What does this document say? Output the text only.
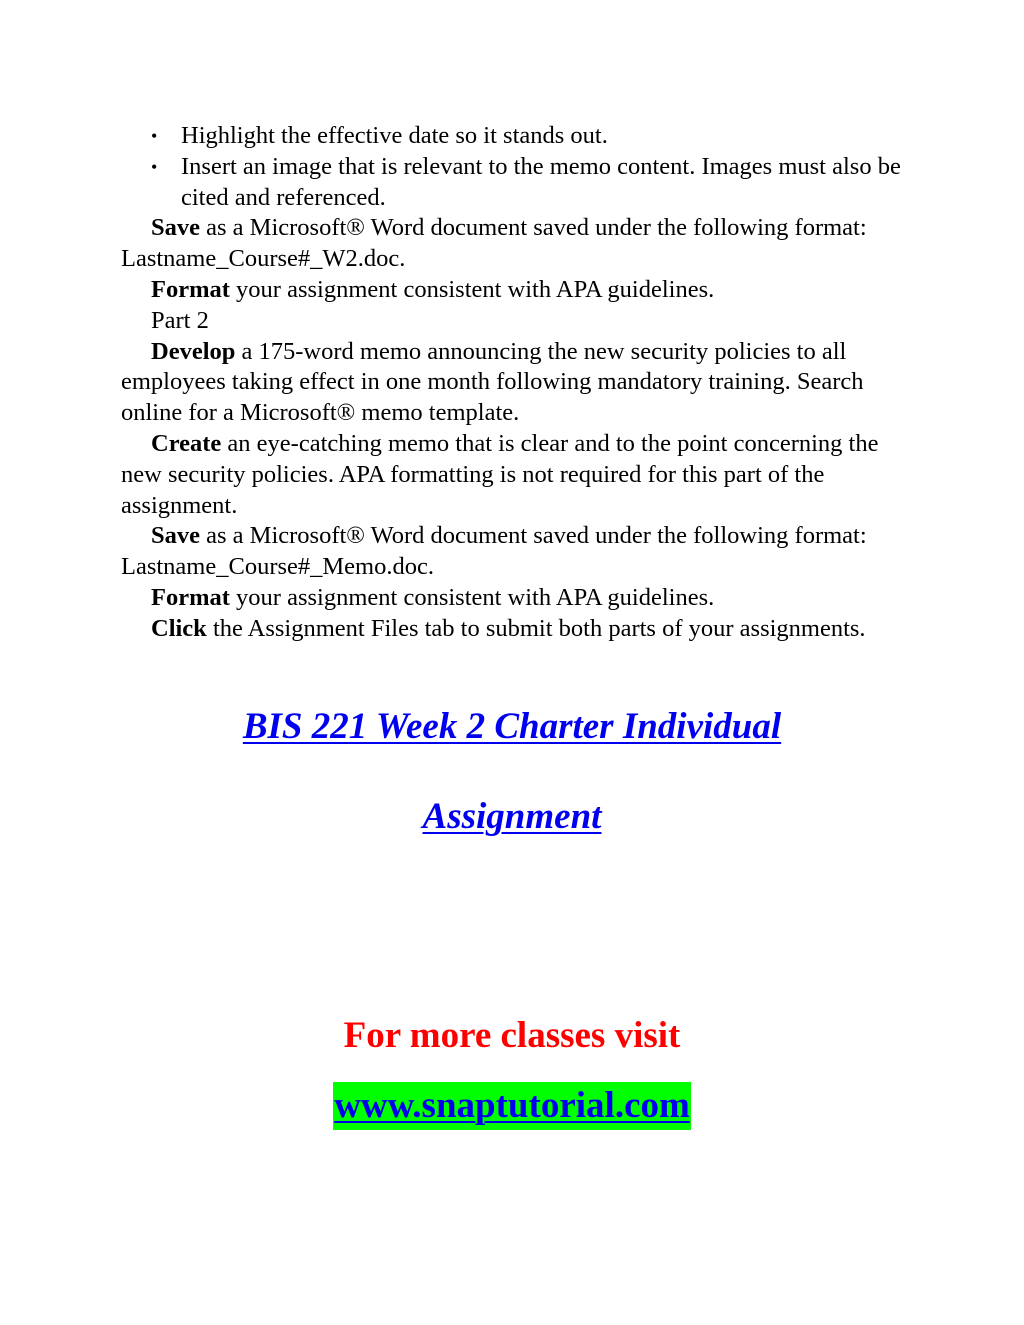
• Highlight the effective date so it stands out.
• Insert an image that is relevant to the memo content. Images must also be cited and referenced.

Save as a Microsoft® Word document saved under the following format: Lastname_Course#_W2.doc.

Format your assignment consistent with APA guidelines.

Part 2

Develop a 175-word memo announcing the new security policies to all employees taking effect in one month following mandatory training. Search online for a Microsoft® memo template.

Create an eye-catching memo that is clear and to the point concerning the new security policies. APA formatting is not required for this part of the assignment.

Save as a Microsoft® Word document saved under the following format: Lastname_Course#_Memo.doc.

Format your assignment consistent with APA guidelines.

Click the Assignment Files tab to submit both parts of your assignments.

BIS 221 Week 2 Charter Individual
Assignment
For more classes visit
www.snaptutorial.com
